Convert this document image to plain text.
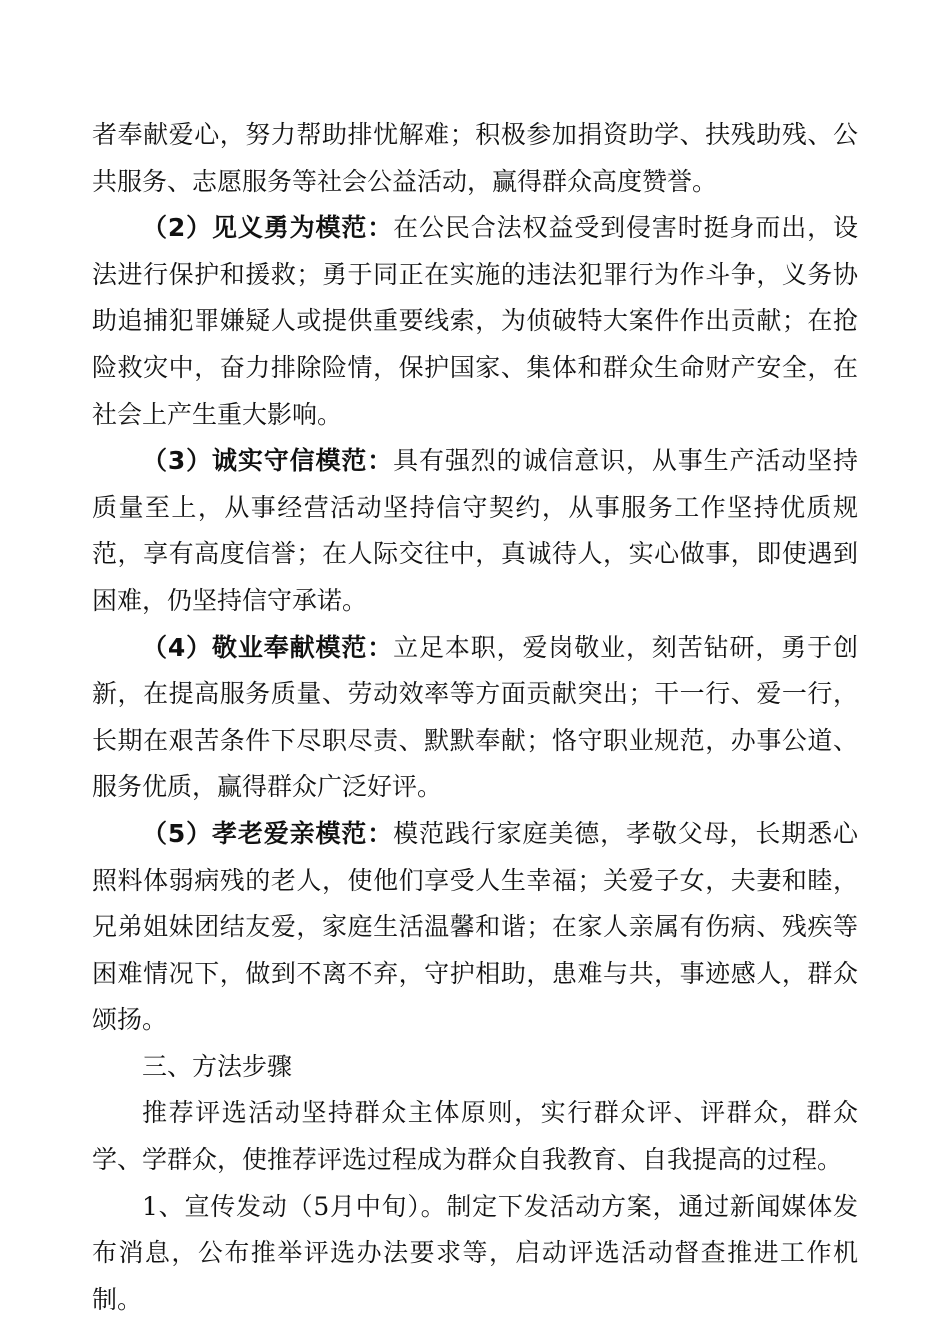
者奉献爱心，努力帮助排忧解难；积极参加捐资助学、扶残助残、公共服务、志愿服务等社会公益活动，赢得群众高度赞誉。

（2）见义勇为模范：在公民合法权益受到侵害时挺身而出，设法进行保护和援救；勇于同正在实施的违法犯罪行为作斗争，义务协助追捕犯罪嫌疑人或提供重要线索，为侦破特大案件作出贡献；在抢险救灾中，奋力排除险情，保护国家、集体和群众生命财产安全，在社会上产生重大影响。

（3）诚实守信模范：具有强烈的诚信意识，从事生产活动坚持质量至上，从事经营活动坚持信守契约，从事服务工作坚持优质规范，享有高度信誉；在人际交往中，真诚待人，实心做事，即使遇到困难，仍坚持信守承诺。

（4）敬业奉献模范：立足本职，爱岗敬业，刻苦钻研，勇于创新，在提高服务质量、劳动效率等方面贡献突出；干一行、爱一行，长期在艰苦条件下尽职尽责、默默奉献；恪守职业规范，办事公道、服务优质，赢得群众广泛好评。

（5）孝老爱亲模范：模范践行家庭美德，孝敬父母，长期悉心照料体弱病残的老人，使他们享受人生幸福；关爱子女，夫妻和睦，兄弟姐妹团结友爱，家庭生活温馨和谐；在家人亲属有伤病、残疾等困难情况下，做到不离不弃，守护相助，患难与共，事迹感人，群众颂扬。

三、方法步骤

推荐评选活动坚持群众主体原则，实行群众评、评群众，群众学、学群众，使推荐评选过程成为群众自我教育、自我提高的过程。

1、宣传发动（5月中旬）。制定下发活动方案，通过新闻媒体发布消息，公布推举评选办法要求等，启动评选活动督查推进工作机制。
